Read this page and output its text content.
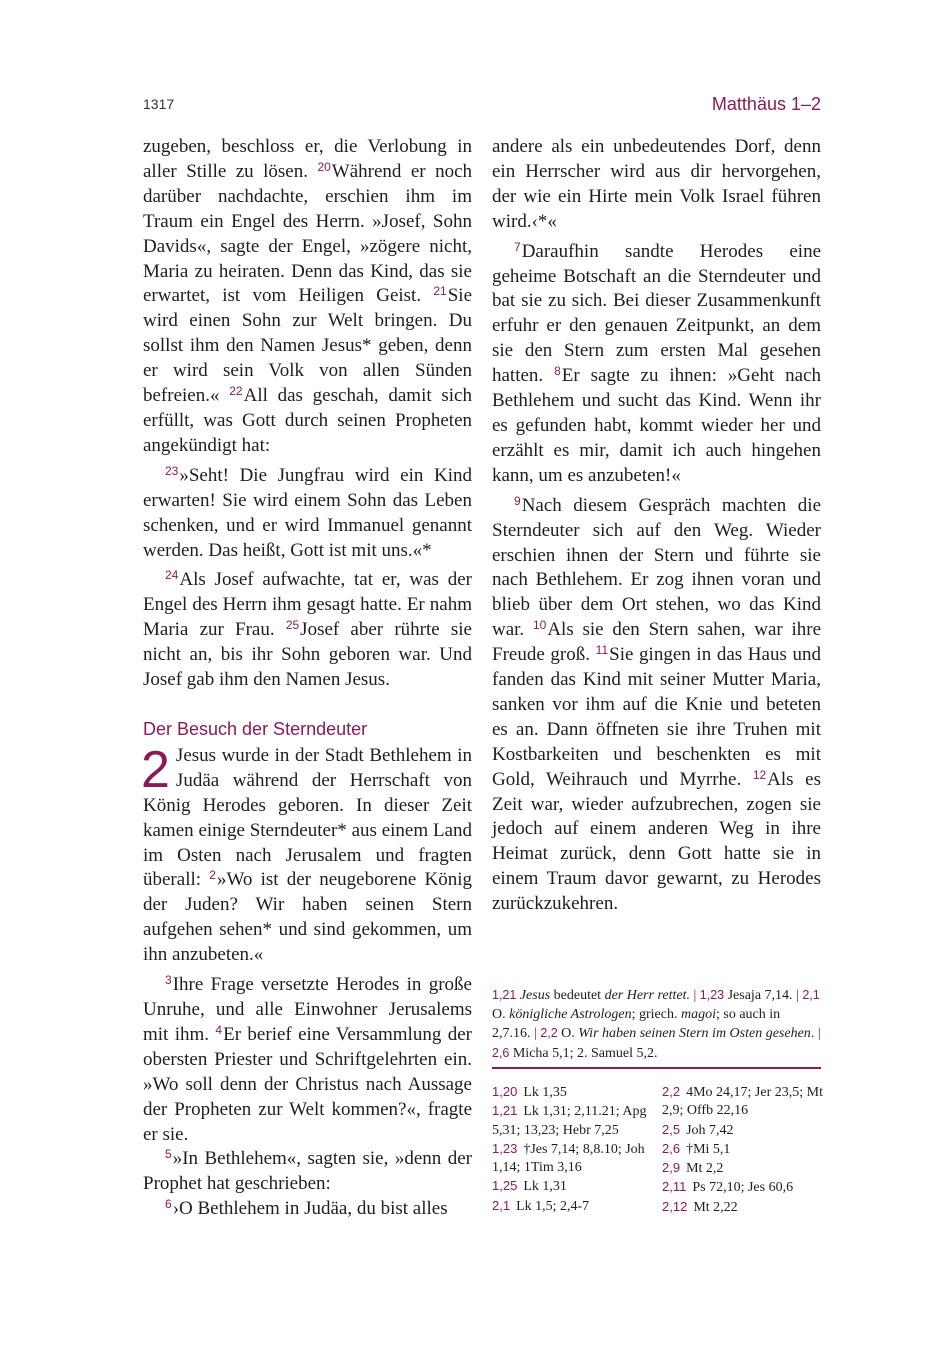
1317	Matthäus 1–2

zugeben, beschloss er, die Verlobung in aller Stille zu lösen. $^{20}$Während er noch darüber nachdachte, erschien ihm im Traum ein Engel des Herrn. »Josef, Sohn Davids«, sagte der Engel, »zögere nicht, Maria zu heiraten. Denn das Kind, das sie erwartet, ist vom Heiligen Geist. $^{21}$Sie wird einen Sohn zur Welt bringen. Du sollst ihm den Namen Jesus* geben, denn er wird sein Volk von allen Sünden befreien.« $^{22}$All das geschah, damit sich erfüllt, was Gott durch seinen Propheten angekündigt hat:

$^{23}$»Seht! Die Jungfrau wird ein Kind erwarten! Sie wird einem Sohn das Leben schenken, und er wird Immanuel genannt werden. Das heißt, Gott ist mit uns.«*

$^{24}$Als Josef aufwachte, tat er, was der Engel des Herrn ihm gesagt hatte. Er nahm Maria zur Frau. $^{25}$Josef aber rührte sie nicht an, bis ihr Sohn geboren war. Und Josef gab ihm den Namen Jesus.

Der Besuch der Sterndeuter

2 Jesus wurde in der Stadt Bethlehem in Judäa während der Herrschaft von König Herodes geboren. In dieser Zeit kamen einige Sterndeuter* aus einem Land im Osten nach Jerusalem und fragten überall: $^2$»Wo ist der neugeborene König der Juden? Wir haben seinen Stern aufgehen sehen* und sind gekommen, um ihn anzubeten.«

$^3$Ihre Frage versetzte Herodes in große Unruhe, und alle Einwohner Jerusalems mit ihm. $^4$Er berief eine Versammlung der obersten Priester und Schriftgelehrten ein. »Wo soll denn der Christus nach Aussage der Propheten zur Welt kommen?«, fragte er sie.

$^5$»In Bethlehem«, sagten sie, »denn der Prophet hat geschrieben:

$^6$›O Bethlehem in Judäa, du bist alles

andere als ein unbedeutendes Dorf, denn ein Herrscher wird aus dir hervorgehen, der wie ein Hirte mein Volk Israel führen wird.‹*«

$^7$Daraufhin sandte Herodes eine geheime Botschaft an die Sterndeuter und bat sie zu sich. Bei dieser Zusammenkunft erfuhr er den genauen Zeitpunkt, an dem sie den Stern zum ersten Mal gesehen hatten. $^8$Er sagte zu ihnen: »Geht nach Bethlehem und sucht das Kind. Wenn ihr es gefunden habt, kommt wieder her und erzählt es mir, damit ich auch hingehen kann, um es anzubeten!«

$^9$Nach diesem Gespräch machten die Sterndeuter sich auf den Weg. Wieder erschien ihnen der Stern und führte sie nach Bethlehem. Er zog ihnen voran und blieb über dem Ort stehen, wo das Kind war. $^{10}$Als sie den Stern sahen, war ihre Freude groß. $^{11}$Sie gingen in das Haus und fanden das Kind mit seiner Mutter Maria, sanken vor ihm auf die Knie und beteten es an. Dann öffneten sie ihre Truhen mit Kostbarkeiten und beschenkten es mit Gold, Weihrauch und Myrrhe. $^{12}$Als es Zeit war, wieder aufzubrechen, zogen sie jedoch auf einem anderen Weg in ihre Heimat zurück, denn Gott hatte sie in einem Traum davor gewarnt, zu Herodes zurückzukehren.

1,21 Jesus bedeutet der Herr rettet. | 1,23 Jesaja 7,14. | 2,1 O. königliche Astrologen; griech. magoi; so auch in 2,7.16. | 2,2 O. Wir haben seinen Stern im Osten gesehen. | 2,6 Micha 5,1; 2. Samuel 5,2.

1,20 Lk 1,35
1,21 Lk 1,31; 2,11.21; Apg 5,31; 13,23; Hebr 7,25
1,23 †Jes 7,14; 8,8.10; Joh 1,14; 1Tim 3,16
1,25 Lk 1,31
2,1 Lk 1,5; 2,4-7
2,2 4Mo 24,17; Jer 23,5; Mt 2,9; Offb 22,16
2,5 Joh 7,42
2,6 †Mi 5,1
2,9 Mt 2,2
2,11 Ps 72,10; Jes 60,6
2,12 Mt 2,22
